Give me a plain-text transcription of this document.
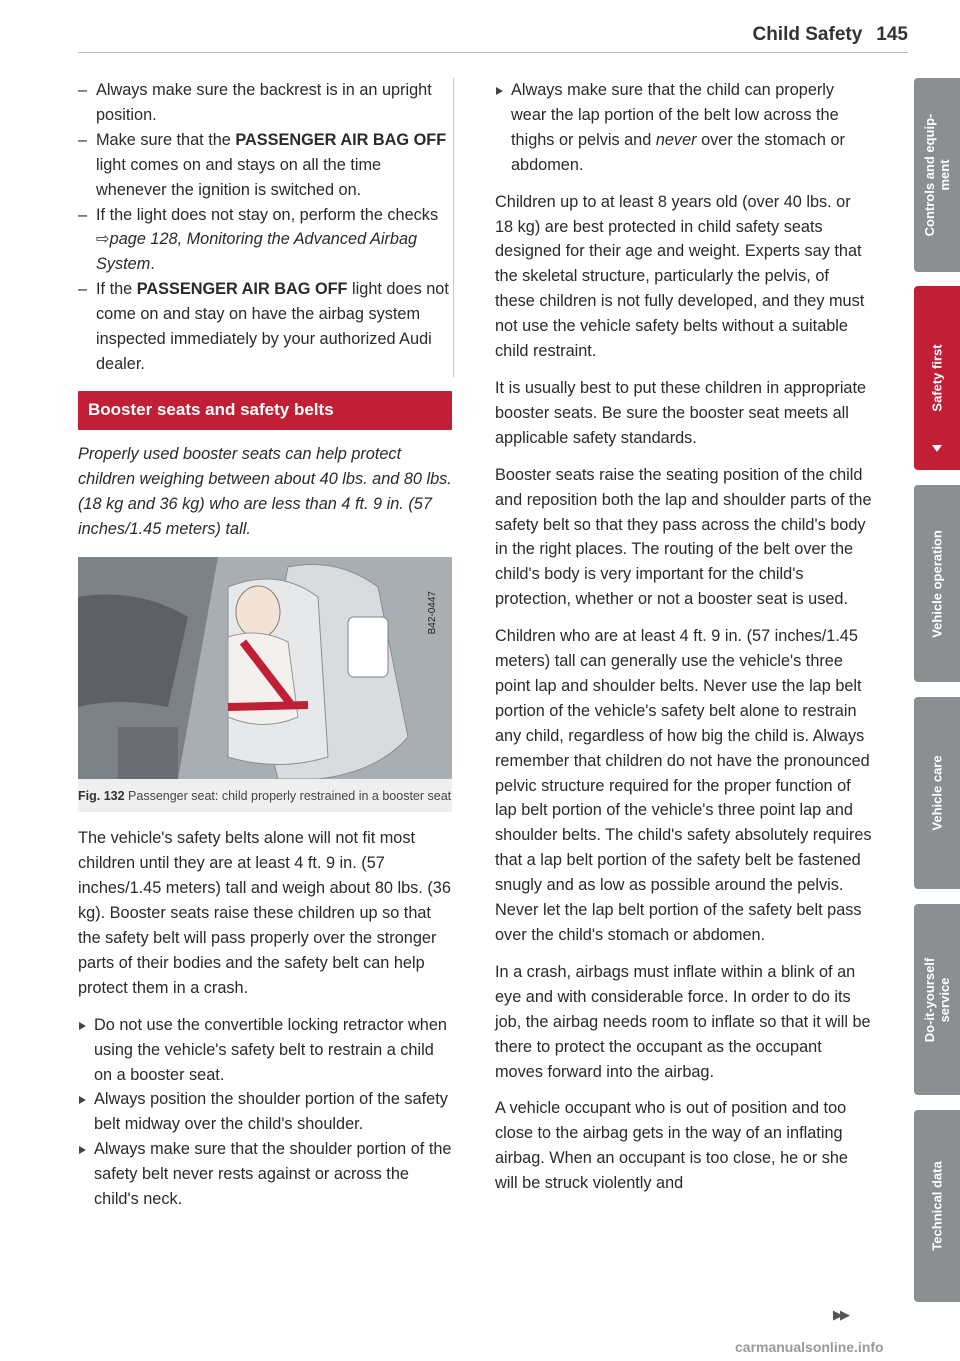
Child Safety 145

– Always make sure the backrest is in an upright position.

– Make sure that the PASSENGER AIR BAG OFF light comes on and stays on all the time whenever the ignition is switched on.

– If the light does not stay on, perform the checks ⇨page 128, Monitoring the Advanced Airbag System.

– If the PASSENGER AIR BAG OFF light does not come on and stay on have the airbag system inspected immediately by your authorized Audi dealer.

Booster seats and safety belts

Properly used booster seats can help protect children weighing between about 40 lbs. and 80 lbs. (18 kg and 36 kg) who are less than 4 ft. 9 in. (57 inches/1.45 meters) tall.

B42-0447
Fig. 132 Passenger seat: child properly restrained in a booster seat

The vehicle's safety belts alone will not fit most children until they are at least 4 ft. 9 in. (57 inches/1.45 meters) tall and weigh about 80 lbs. (36 kg). Booster seats raise these children up so that the safety belt will pass properly over the stronger parts of their bodies and the safety belt can help protect them in a crash.

Do not use the convertible locking retractor when using the vehicle's safety belt to restrain a child on a booster seat.

Always position the shoulder portion of the safety belt midway over the child's shoulder.

Always make sure that the shoulder portion of the safety belt never rests against or across the child's neck.

Always make sure that the child can properly wear the lap portion of the belt low across the thighs or pelvis and never over the stomach or abdomen.

Children up to at least 8 years old (over 40 lbs. or 18 kg) are best protected in child safety seats designed for their age and weight. Experts say that the skeletal structure, particularly the pelvis, of these children is not fully developed, and they must not use the vehicle safety belts without a suitable child restraint.

It is usually best to put these children in appropriate booster seats. Be sure the booster seat meets all applicable safety standards.

Booster seats raise the seating position of the child and reposition both the lap and shoulder parts of the safety belt so that they pass across the child's body in the right places. The routing of the belt over the child's body is very important for the child's protection, whether or not a booster seat is used.

Children who are at least 4 ft. 9 in. (57 inches/1.45 meters) tall can generally use the vehicle's three point lap and shoulder belts. Never use the lap belt portion of the vehicle's safety belt alone to restrain any child, regardless of how big the child is. Always remember that children do not have the pronounced pelvic structure required for the proper function of lap belt portion of the vehicle's three point lap and shoulder belts. The child's safety absolutely requires that a lap belt portion of the safety belt be fastened snugly and as low as possible around the pelvis. Never let the lap belt portion of the safety belt pass over the child's stomach or abdomen.

In a crash, airbags must inflate within a blink of an eye and with considerable force. In order to do its job, the airbag needs room to inflate so that it will be there to protect the occupant as the occupant moves forward into the airbag.

A vehicle occupant who is out of position and too close to the airbag gets in the way of an inflating airbag. When an occupant is too close, he or she will be struck violently and

▶▶
Controls and equip-
ment
Safety first
Vehicle operation
Vehicle care
Do-it-yourself
service
Technical data
carmanualsonline.info
